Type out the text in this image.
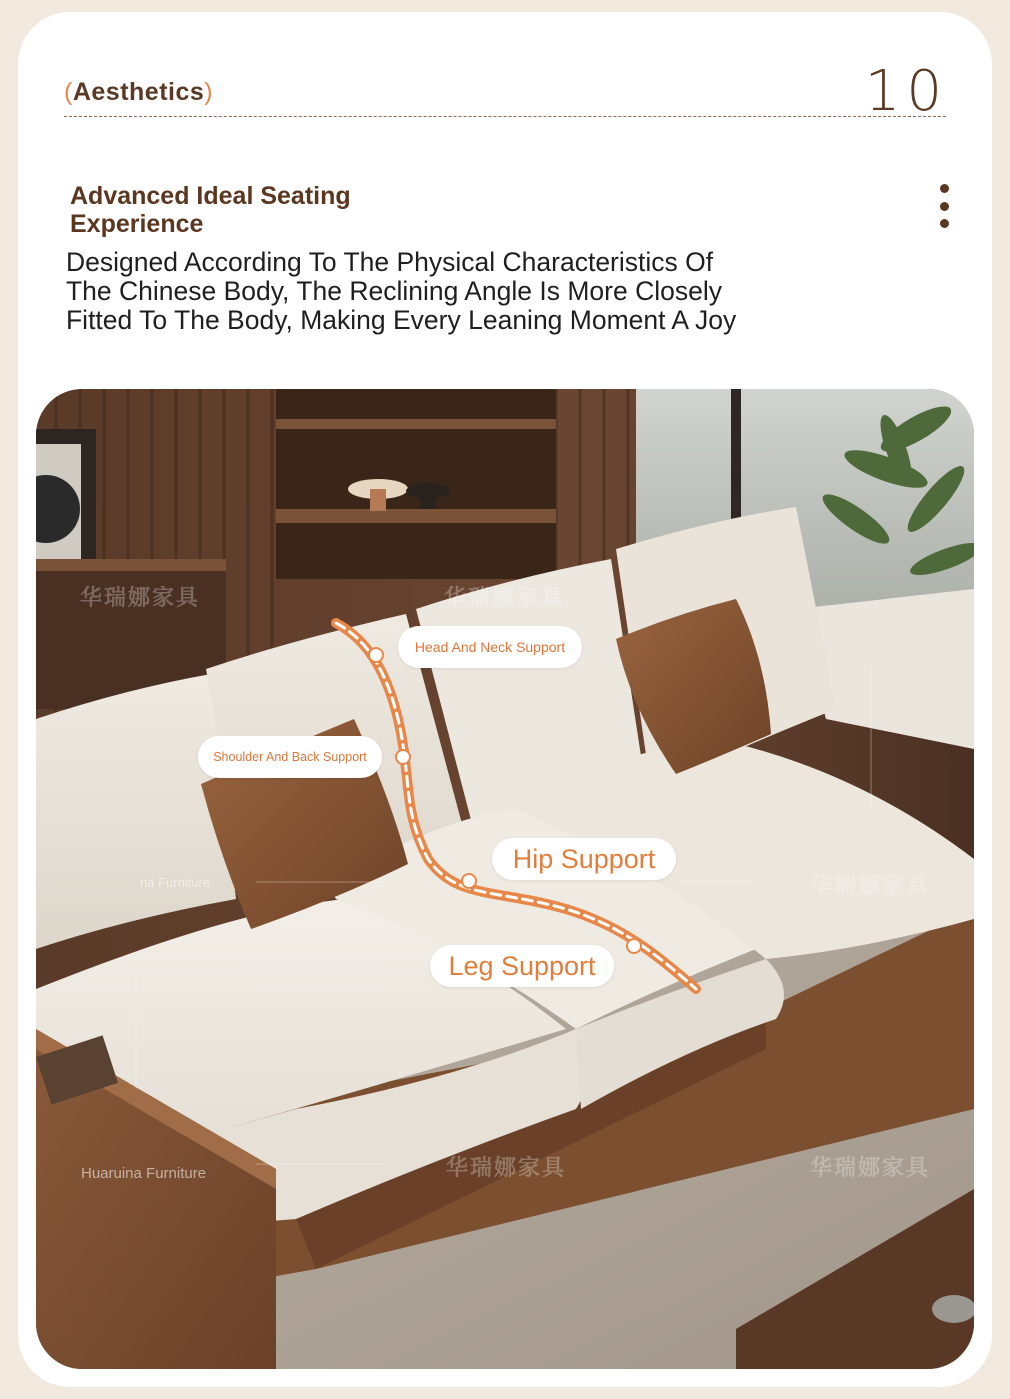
(Aesthetics)	10
Advanced Ideal Seating Experience
Designed According To The Physical Characteristics Of The Chinese Body, The Reclining Angle Is More Closely Fitted To The Body, Making Every Leaning Moment A Joy
Head And Neck Support
Shoulder And Back Support
Hip Support
Leg Support
Huaruina Furniture
na Furniture
华瑞娜家具	华瑞娜家具
华瑞娜家具
华瑞娜家具	华瑞娜家具
